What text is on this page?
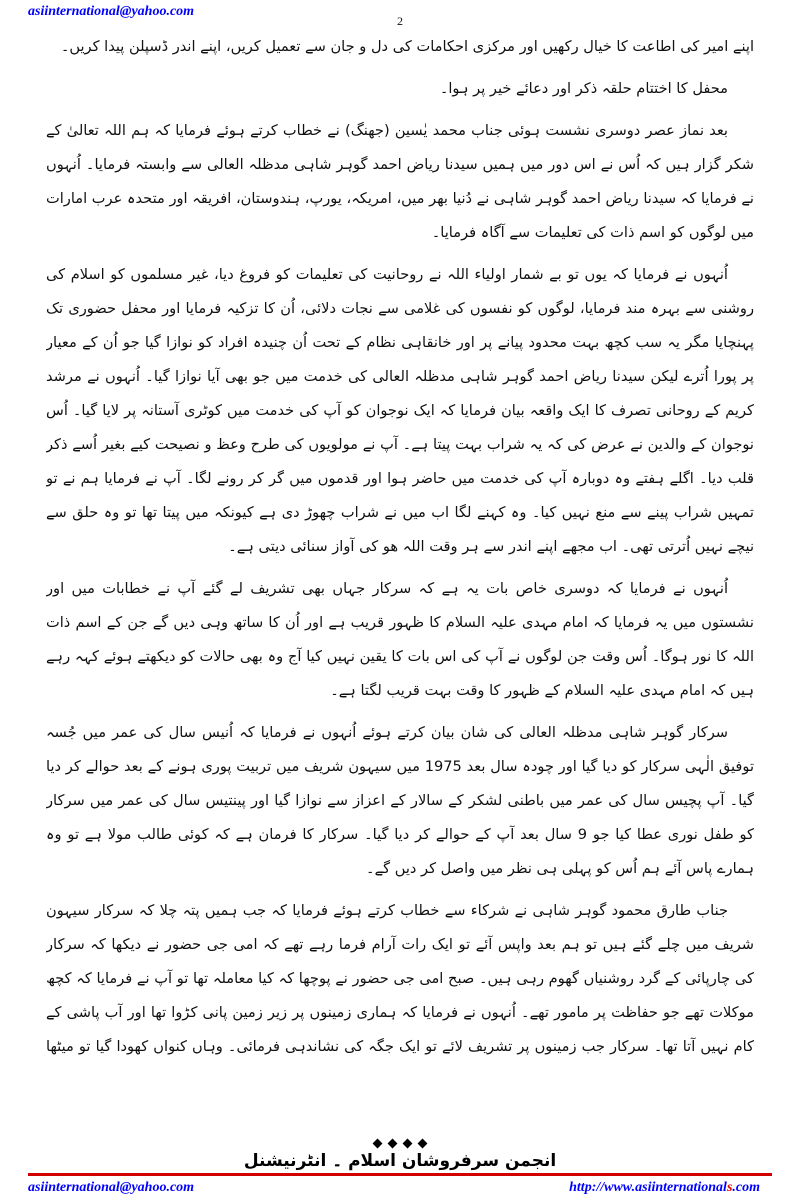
asiinternational@yahoo.com
2

اپنے امیر کی اطاعت کا خیال رکھیں اور مرکزی احکامات کی دل و جان سے تعمیل کریں، اپنے اندر ڈسپلن پیدا کریں۔

محفل کا اختتام حلقہ ذکر اور دعائے خیر پر ہوا۔

بعد نماز عصر دوسری نشست ہوئی جناب محمد یٰسین (جھنگ) نے خطاب کرتے ہوئے فرمایا کہ ہم اللہ تعالیٰ کے شکر گزار ہیں کہ اُس نے اس دور میں ہمیں سیدنا ریاض احمد گوہر شاہی مدظلہ العالی سے وابستہ فرمایا۔ اُنہوں نے فرمایا کہ سیدنا ریاض احمد گوہر شاہی نے دُنیا بھر میں، امریکہ، یورپ، ہندوستان، افریقہ اور متحدہ عرب امارات میں لوگوں کو اسم ذات کی تعلیمات سے آگاہ فرمایا۔

اُنہوں نے فرمایا کہ یوں تو بے شمار اولیاء اللہ نے روحانیت کی تعلیمات کو فروغ دیا، غیر مسلموں کو اسلام کی روشنی سے بہرہ مند فرمایا، لوگوں کو نفسوں کی غلامی سے نجات دلائی، اُن کا تزکیہ فرمایا اور محفل حضوری تک پہنچایا مگر یہ سب کچھ بہت محدود پیانے پر اور خانقاہی نظام کے تحت اُن چنیدہ افراد کو نوازا گیا جو اُن کے معیار پر پورا اُترے لیکن سیدنا ریاض احمد گوہر شاہی مدظلہ العالی کی خدمت میں جو بھی آیا نوازا گیا۔ اُنہوں نے مرشد کریم کے روحانی تصرف کا ایک واقعہ بیان فرمایا کہ ایک نوجوان کو آپ کی خدمت میں کوٹری آستانہ پر لایا گیا۔ اُس نوجوان کے والدین نے عرض کی کہ یہ شراب بہت پیتا ہے۔ آپ نے مولویوں کی طرح وعظ و نصیحت کیے بغیر اُسے ذکر قلب دیا۔ اگلے ہفتے وہ دوبارہ آپ کی خدمت میں حاضر ہوا اور قدموں میں گر کر رونے لگا۔ آپ نے فرمایا ہم نے تو تمہیں شراب پینے سے منع نہیں کیا۔ وہ کہنے لگا اب میں نے شراب چھوڑ دی ہے کیونکہ میں پیتا تھا تو وہ حلق سے نیچے نہیں اُترتی تھی۔ اب مجھے اپنے اندر سے ہر وقت اللہ ھو کی آواز سنائی دیتی ہے۔

اُنہوں نے فرمایا کہ دوسری خاص بات یہ ہے کہ سرکار جہاں بھی تشریف لے گئے آپ نے خطابات میں اور نشستوں میں یہ فرمایا کہ امام مہدی علیہ السلام کا ظہور قریب ہے اور اُن کا ساتھ وہی دیں گے جن کے اسم ذات اللہ کا نور ہوگا۔ اُس وقت جن لوگوں نے آپ کی اس بات کا یقین نہیں کیا آج وہ بھی حالات کو دیکھتے ہوئے کہہ رہے ہیں کہ امام مہدی علیہ السلام کے ظہور کا وقت بہت قریب لگتا ہے۔

سرکار گوہر شاہی مدظلہ العالی کی شان بیان کرتے ہوئے اُنہوں نے فرمایا کہ اُنیس سال کی عمر میں جُسہ توفیق الٰہی سرکار کو دیا گیا اور چودہ سال بعد 1975 میں سیہون شریف میں تربیت پوری ہونے کے بعد حوالے کر دیا گیا۔ آپ پچیس سال کی عمر میں باطنی لشکر کے سالار کے اعزاز سے نوازا گیا اور پینتیس سال کی عمر میں سرکار کو طفل نوری عطا کیا جو 9 سال بعد آپ کے حوالے کر دیا گیا۔ سرکار کا فرمان ہے کہ کوئی طالب مولا ہے تو وہ ہمارے پاس آئے ہم اُس کو پہلی ہی نظر میں واصل کر دیں گے۔

جناب طارق محمود گوہر شاہی نے شرکاء سے خطاب کرتے ہوئے فرمایا کہ جب ہمیں پتہ چلا کہ سرکار سیہون شریف میں چلے گئے ہیں تو ہم بعد واپس آئے تو ایک رات آرام فرما رہے تھے کہ امی جی حضور نے دیکھا کہ سرکار کی چارپائی کے گرد روشنیاں گھوم رہی ہیں۔ صبح امی جی حضور نے پوچھا کہ کیا معاملہ تھا تو آپ نے فرمایا کہ کچھ موکلات تھے جو حفاظت پر مامور تھے۔ اُنہوں نے فرمایا کہ ہماری زمینوں پر زیر زمین پانی کڑوا تھا اور آب پاشی کے کام نہیں آتا تھا۔ سرکار جب زمینوں پر تشریف لائے تو ایک جگہ کی نشاندہی فرمائی۔ وہاں کنواں کھودا گیا تو میٹھا

انجمن سرفروشان اسلام ۔ انٹرنیشنل
asiinternational@yahoo.com	http://www.asiinternationals.com
